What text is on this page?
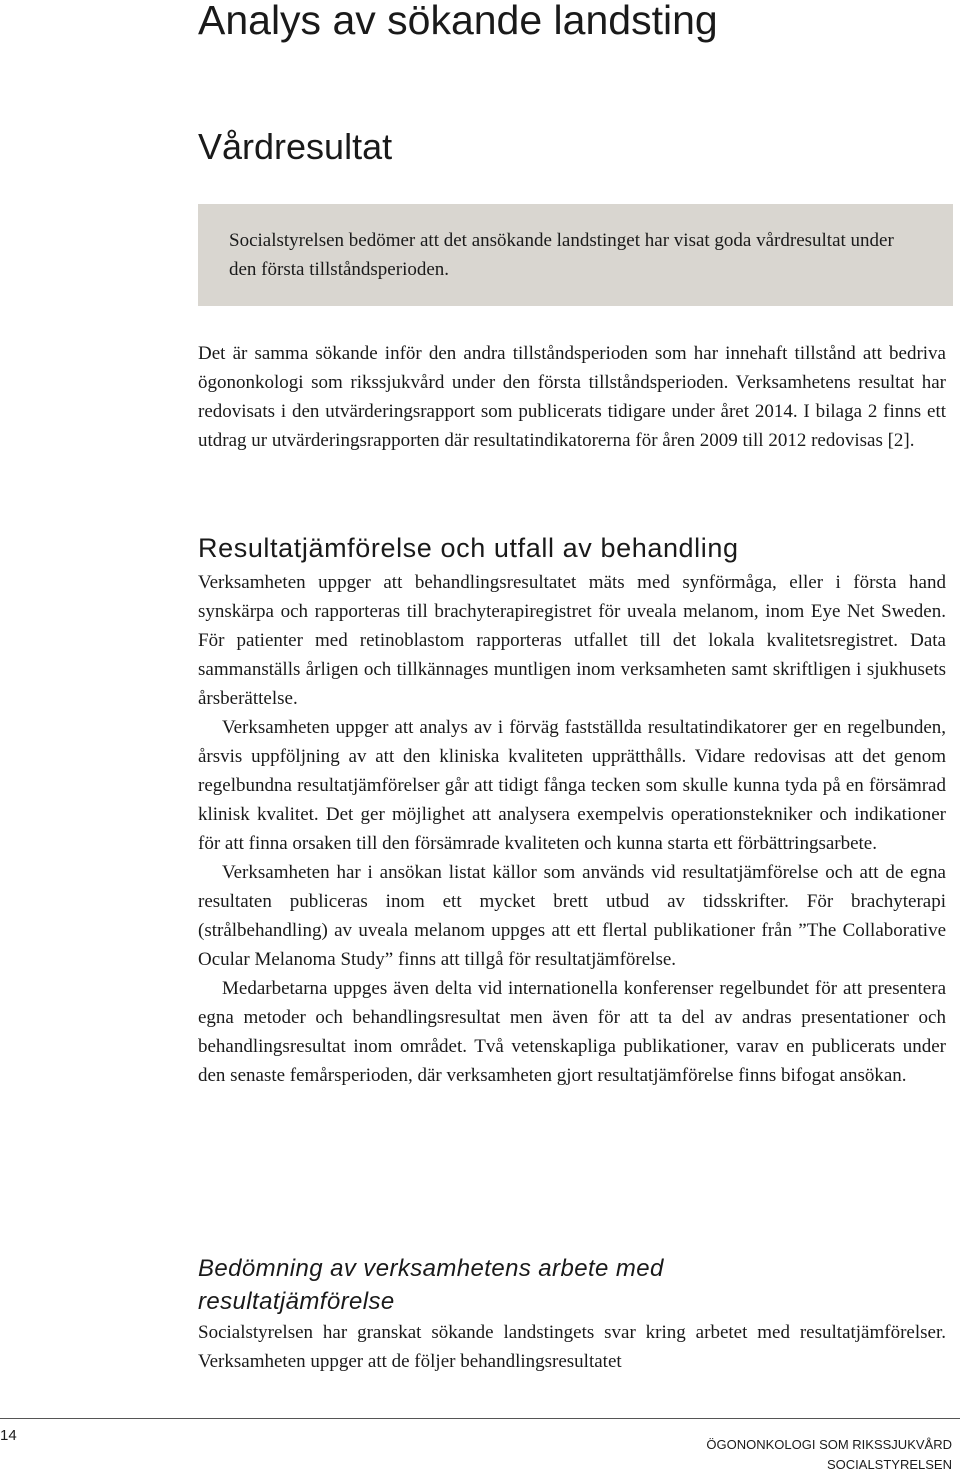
Analys av sökande landsting
Vårdresultat

Socialstyrelsen bedömer att det ansökande landstinget har visat goda vårdresultat under den första tillståndsperioden.

Det är samma sökande inför den andra tillståndsperioden som har innehaft tillstånd att bedriva ögononkologi som rikssjukvård under den första tillståndsperioden. Verksamhetens resultat har redovisats i den utvärderingsrapport som publicerats tidigare under året 2014. I bilaga 2 finns ett utdrag ur utvärderingsrapporten där resultatindikatorerna för åren 2009 till 2012 redovisas [2].

Resultatjämförelse och utfall av behandling

Verksamheten uppger att behandlingsresultatet mäts med synförmåga, eller i första hand synskärpa och rapporteras till brachyterapiregistret för uveala melanom, inom Eye Net Sweden. För patienter med retinoblastom rapporteras utfallet till det lokala kvalitetsregistret. Data sammanställs årligen och tillkännages muntligen inom verksamheten samt skriftligen i sjukhusets årsberättelse.

Verksamheten uppger att analys av i förväg fastställda resultatindikatorer ger en regelbunden, årsvis uppföljning av att den kliniska kvaliteten upprätthålls. Vidare redovisas att det genom regelbundna resultatjämförelser går att tidigt fånga tecken som skulle kunna tyda på en försämrad klinisk kvalitet. Det ger möjlighet att analysera exempelvis operationstekniker och indikationer för att finna orsaken till den försämrade kvaliteten och kunna starta ett förbättringsarbete.

Verksamheten har i ansökan listat källor som används vid resultatjämförelse och att de egna resultaten publiceras inom ett mycket brett utbud av tidsskrifter. För brachyterapi (strålbehandling) av uveala melanom uppges att ett flertal publikationer från ”The Collaborative Ocular Melanoma Study” finns att tillgå för resultatjämförelse.

Medarbetarna uppges även delta vid internationella konferenser regelbundet för att presentera egna metoder och behandlingsresultat men även för att ta del av andras presentationer och behandlingsresultat inom området. Två vetenskapliga publikationer, varav en publicerats under den senaste femårsperioden, där verksamheten gjort resultatjämförelse finns bifogat ansökan.

Bedömning av verksamhetens arbete med resultatjämförelse

Socialstyrelsen har granskat sökande landstingets svar kring arbetet med resultatjämförelser. Verksamheten uppger att de följer behandlingsresultatet

14
ÖGONONKOLOGI SOM RIKSSJUKVÅRD
SOCIALSTYRELSEN
